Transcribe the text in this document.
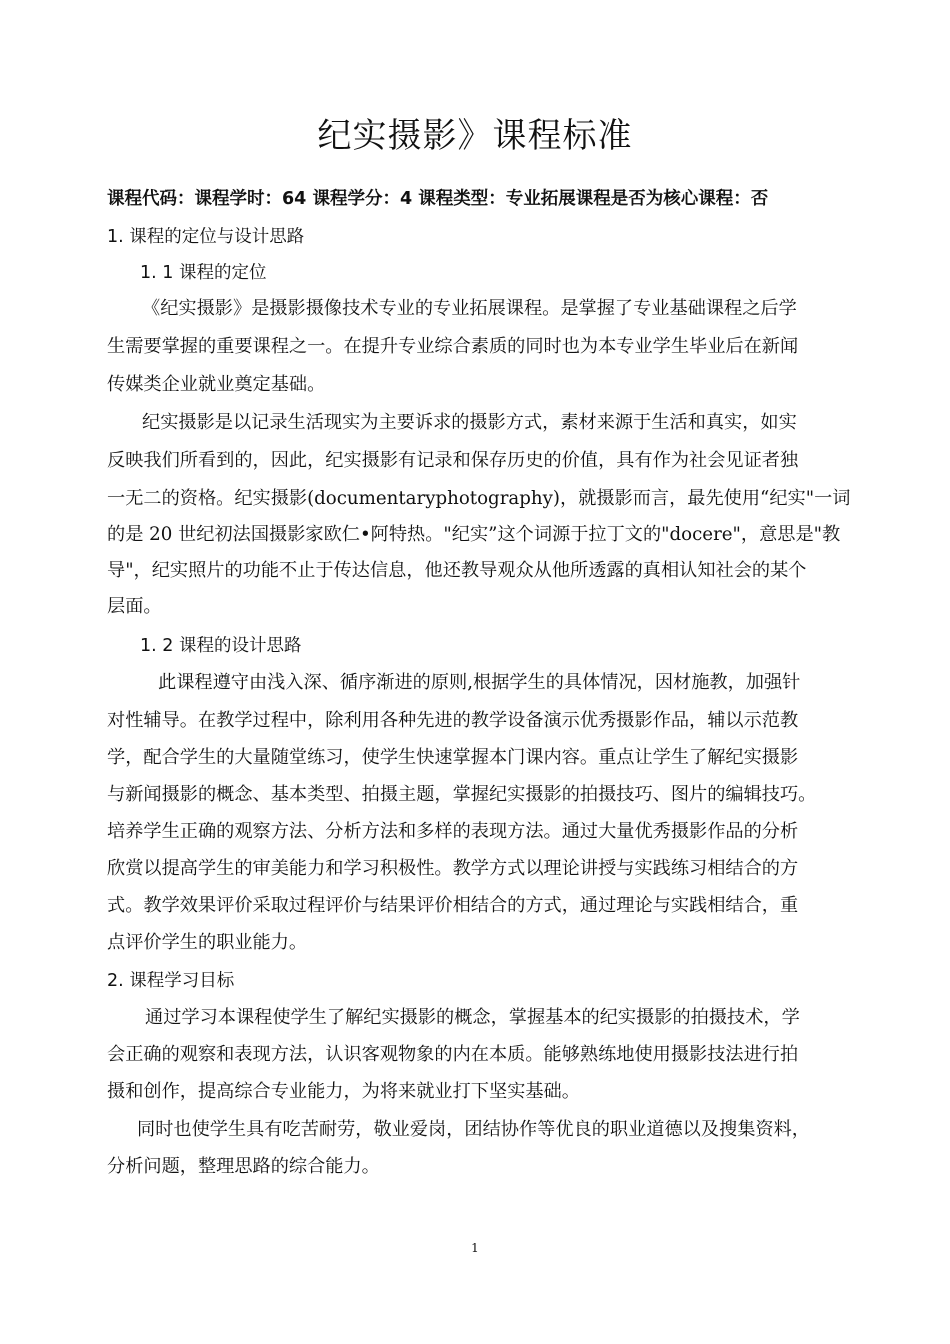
纪实摄影》课程标准
课程代码：课程学时：64 课程学分：4 课程类型：专业拓展课程是否为核心课程：否
1. 课程的定位与设计思路
1. 1 课程的定位
《纪实摄影》是摄影摄像技术专业的专业拓展课程。是掌握了专业基础课程之后学
生需要掌握的重要课程之一。在提升专业综合素质的同时也为本专业学生毕业后在新闻
传媒类企业就业奠定基础。
纪实摄影是以记录生活现实为主要诉求的摄影方式，素材来源于生活和真实，如实
反映我们所看到的，因此，纪实摄影有记录和保存历史的价值，具有作为社会见证者独
一无二的资格。纪实摄影(documentaryphotography)，就摄影而言，最先使用“纪实"一词
的是 20 世纪初法国摄影家欧仁•阿特热。"纪实”这个词源于拉丁文的"docere"，意思是"教
导"，纪实照片的功能不止于传达信息，他还教导观众从他所透露的真相认知社会的某个
层面。
1. 2 课程的设计思路
此课程遵守由浅入深、循序渐进的原则,根据学生的具体情况，因材施教，加强针
对性辅导。在教学过程中，除利用各种先进的教学设备演示优秀摄影作品，辅以示范教
学，配合学生的大量随堂练习，使学生快速掌握本门课内容。重点让学生了解纪实摄影
与新闻摄影的概念、基本类型、拍摄主题，掌握纪实摄影的拍摄技巧、图片的编辑技巧。
培养学生正确的观察方法、分析方法和多样的表现方法。通过大量优秀摄影作品的分析
欣赏以提高学生的审美能力和学习积极性。教学方式以理论讲授与实践练习相结合的方
式。教学效果评价采取过程评价与结果评价相结合的方式，通过理论与实践相结合，重
点评价学生的职业能力。
2. 课程学习目标
通过学习本课程使学生了解纪实摄影的概念，掌握基本的纪实摄影的拍摄技术，学
会正确的观察和表现方法，认识客观物象的内在本质。能够熟练地使用摄影技法进行拍
摄和创作，提高综合专业能力，为将来就业打下坚实基础。
同时也使学生具有吃苦耐劳，敬业爱岗，团结协作等优良的职业道德以及搜集资料，
分析问题，整理思路的综合能力。
1
